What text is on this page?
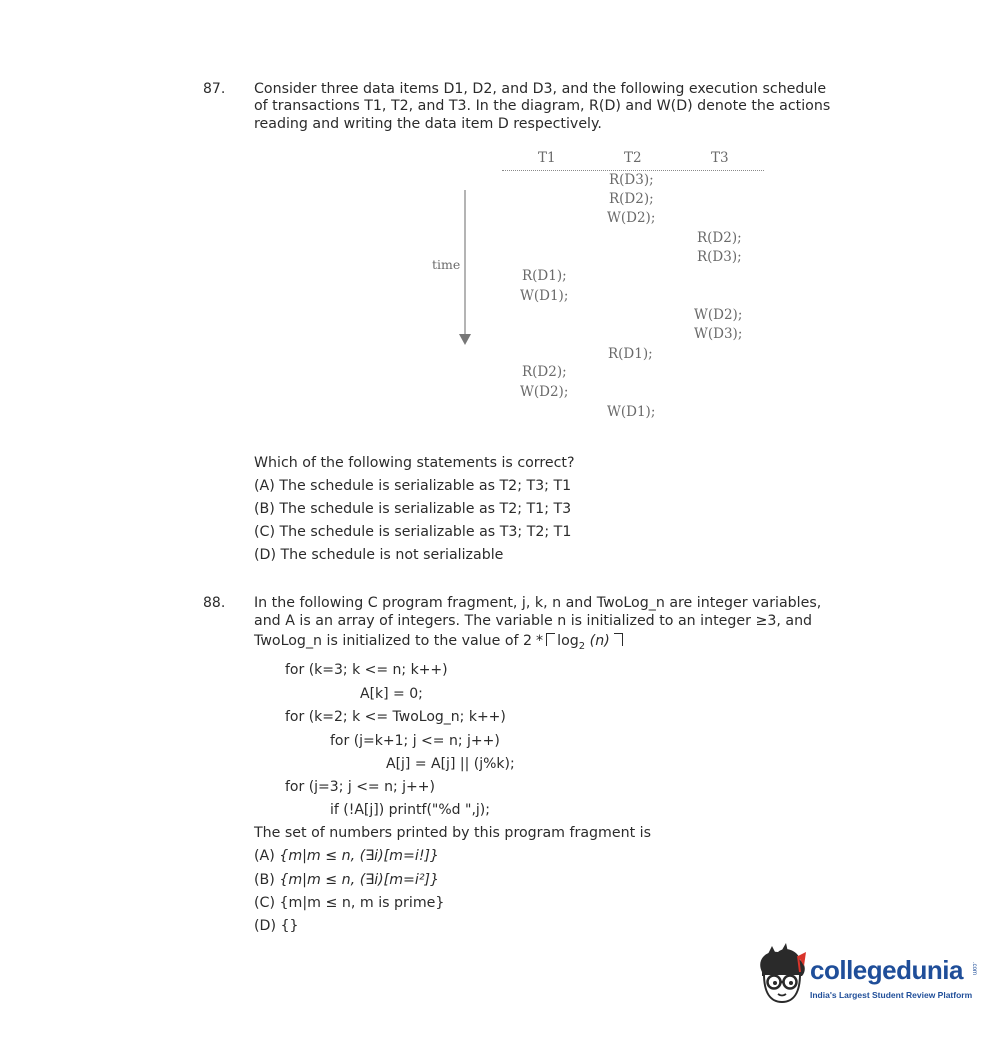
87. Consider three data items D1, D2, and D3, and the following execution schedule
of transactions T1, T2, and T3. In the diagram, R(D) and W(D) denote the actions
reading and writing the data item D respectively.
T1	T2	T3
time
R(D3);
R(D2);
W(D2);
R(D2);
R(D3);
R(D1);
W(D1);
W(D2);
W(D3);
R(D1);
R(D2);
W(D2);
W(D1);
Which of the following statements is correct?
(A) The schedule is serializable as T2; T3; T1
(B) The schedule is serializable as T2; T1; T3
(C) The schedule is serializable as T3; T2; T1
(D) The schedule is not serializable
88. In the following C program fragment, j, k, n and TwoLog_n are integer variables,
and A is an array of integers. The variable n is initialized to an integer ≥3, and
TwoLog_n is initialized to the value of $2 * \log_2 (n)$
for (k=3; k <= n; k++)
A[k] = 0;
for (k=2; k <= TwoLog_n; k++)
for (j=k+1; j <= n; j++)
A[j] = A[j] || (j%k);
for (j=3; j <= n; j++)
if (!A[j]) printf("%d ",j);
The set of numbers printed by this program fragment is
(A) {m|m ≤ n, (∃i)[m=i!]}
(B) {m|m ≤ n, (∃i)[m=i²]}
(C) {m|m ≤ n, m is prime}
(D) {}
collegedunia .com
India's Largest Student Review Platform
